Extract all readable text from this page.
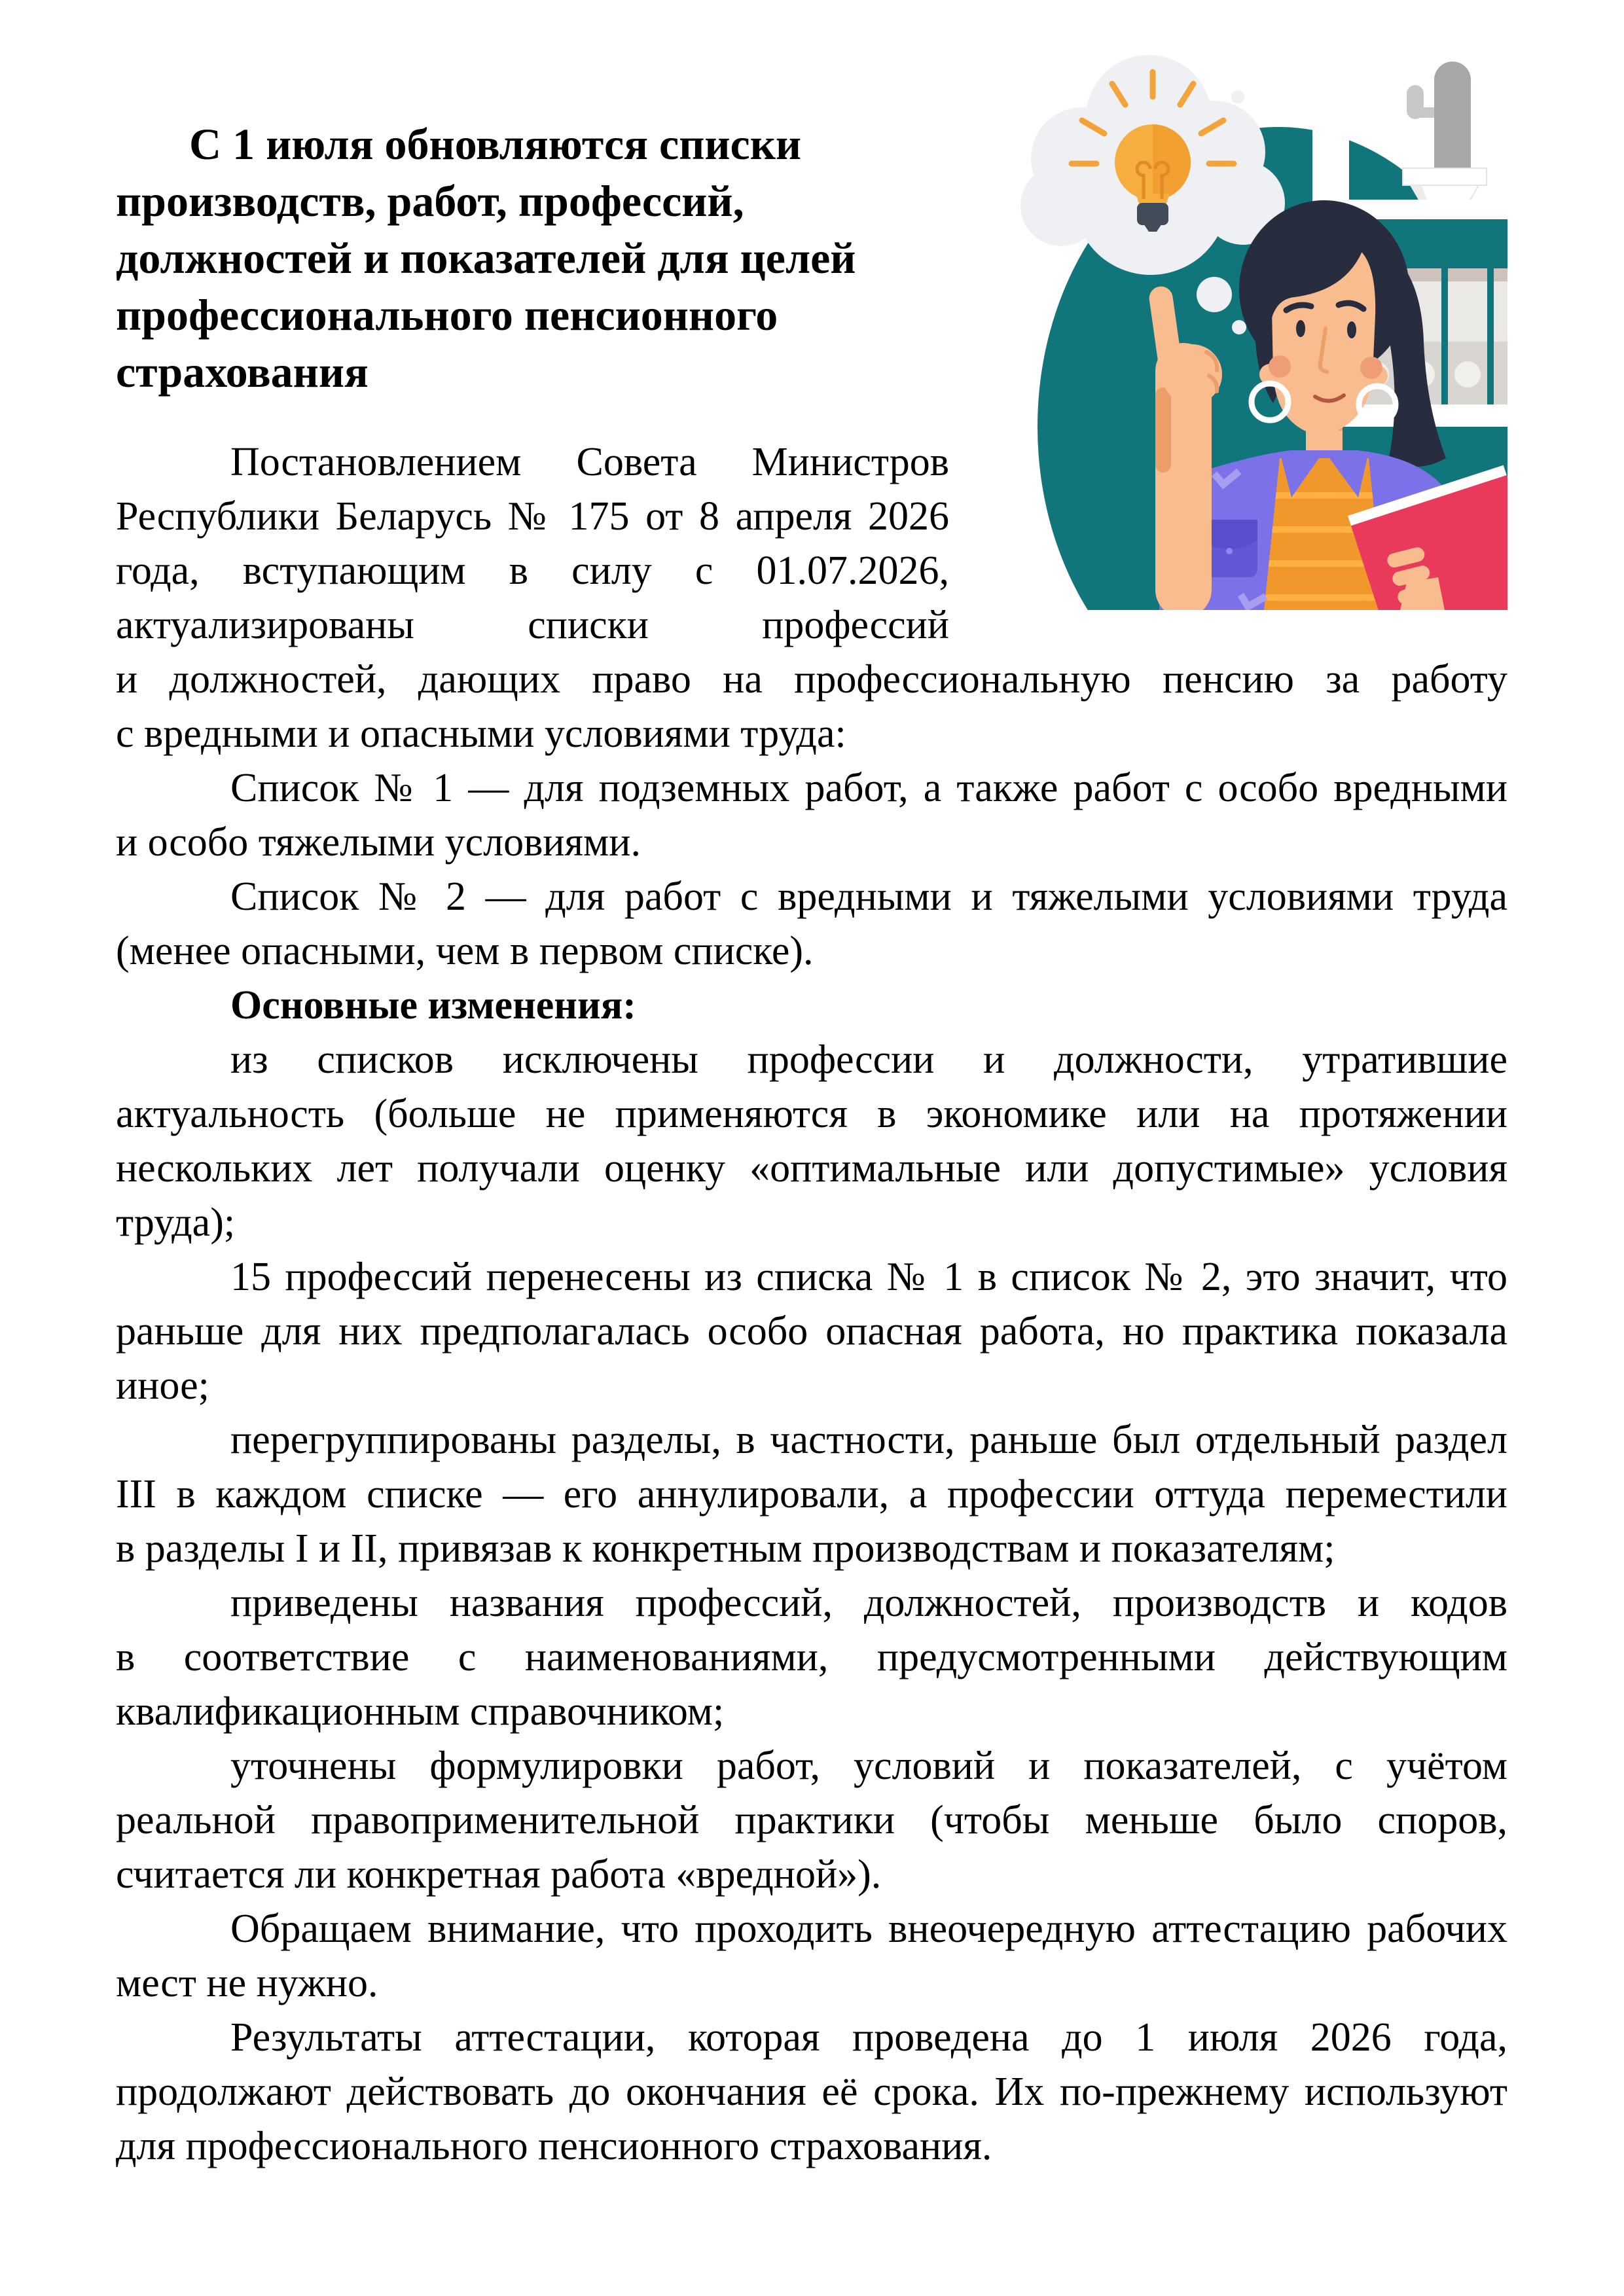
С 1 июля обновляются списки
производств, работ, профессий,
должностей и показателей для целей
профессионального пенсионного
страхования
Постановлением Совета Министров
Республики Беларусь № 175 от 8 апреля 2026
года, вступающим в силу с 01.07.2026,
актуализированы списки профессий
и должностей, дающих право на профессиональную пенсию за работу
с вредными и опасными условиями труда:
Список № 1 — для подземных работ, а также работ с особо вредными
и особо тяжелыми условиями.
Список № 2 — для работ с вредными и тяжелыми условиями труда
(менее опасными, чем в первом списке).
Основные изменения:
из списков исключены профессии и должности, утратившие
актуальность (больше не применяются в экономике или на протяжении
нескольких лет получали оценку «оптимальные или допустимые» условия
труда);
15 профессий перенесены из списка № 1 в список № 2, это значит, что
раньше для них предполагалась особо опасная работа, но практика показала
иное;
перегруппированы разделы, в частности, раньше был отдельный раздел
III в каждом списке — его аннулировали, а профессии оттуда переместили
в разделы I и II, привязав к конкретным производствам и показателям;
приведены названия профессий, должностей, производств и кодов
в соответствие с наименованиями, предусмотренными действующим
квалификационным справочником;
уточнены формулировки работ, условий и показателей, с учётом
реальной правоприменительной практики (чтобы меньше было споров,
считается ли конкретная работа «вредной»).
Обращаем внимание, что проходить внеочередную аттестацию рабочих
мест не нужно.
Результаты аттестации, которая проведена до 1 июля 2026 года,
продолжают действовать до окончания её срока. Их по-прежнему используют
для профессионального пенсионного страхования.
